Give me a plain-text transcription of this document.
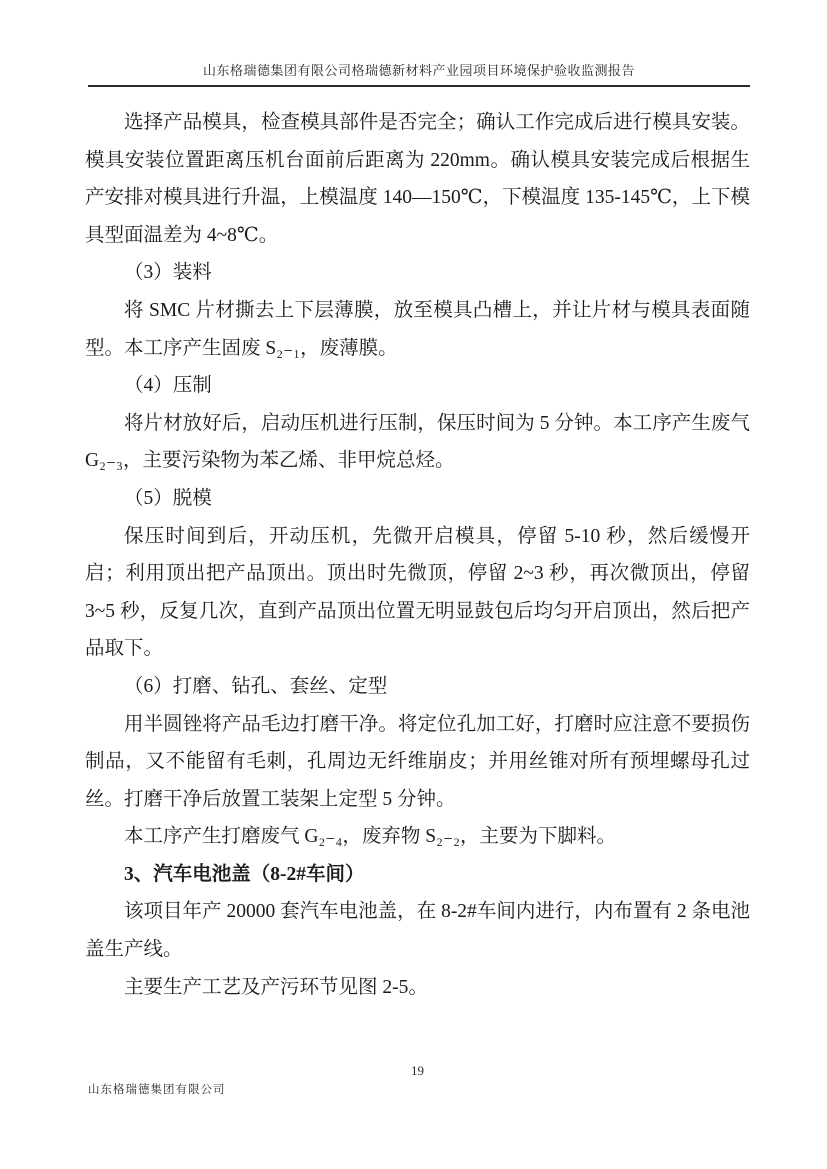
山东格瑞德集团有限公司格瑞德新材料产业园项目环境保护验收监测报告

选择产品模具，检查模具部件是否完全；确认工作完成后进行模具安装。模具安装位置距离压机台面前后距离为 220mm。确认模具安装完成后根据生产安排对模具进行升温，上模温度 140—150℃，下模温度 135-145℃，上下模具型面温差为 4~8℃。

（3）装料

将 SMC 片材撕去上下层薄膜，放至模具凸槽上，并让片材与模具表面随型。本工序产生固废 S₂₋₁，废薄膜。

（4）压制

将片材放好后，启动压机进行压制，保压时间为 5 分钟。本工序产生废气 G₂₋₃，主要污染物为苯乙烯、非甲烷总烃。

（5）脱模

保压时间到后，开动压机，先微开启模具，停留 5-10 秒，然后缓慢开启；利用顶出把产品顶出。顶出时先微顶，停留 2~3 秒，再次微顶出，停留 3~5 秒，反复几次，直到产品顶出位置无明显鼓包后均匀开启顶出，然后把产品取下。

（6）打磨、钻孔、套丝、定型

用半圆锉将产品毛边打磨干净。将定位孔加工好，打磨时应注意不要损伤制品，又不能留有毛刺，孔周边无纤维崩皮；并用丝锥对所有预埋螺母孔过丝。打磨干净后放置工装架上定型 5 分钟。

本工序产生打磨废气 G₂₋₄，废弃物 S₂₋₂，主要为下脚料。

3、汽车电池盖（8-2#车间）

该项目年产 20000 套汽车电池盖，在 8-2#车间内进行，内布置有 2 条电池盖生产线。

主要生产工艺及产污环节见图 2-5。

19
山东格瑞德集团有限公司
